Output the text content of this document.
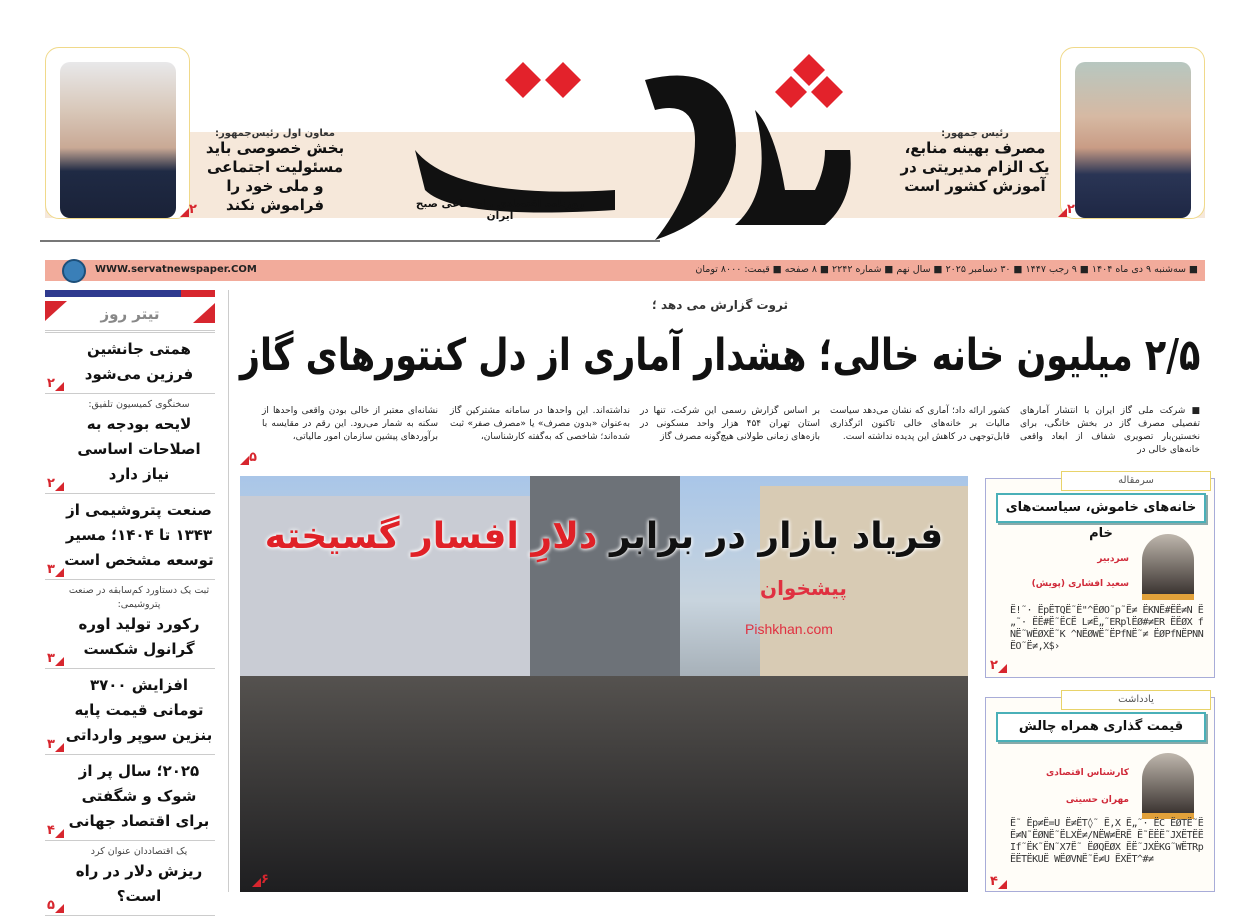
معاون اول رئیس‌جمهور:
بخش خصوصی باید مسئولیت اجتماعی و ملی خود را فراموش نکند
۲	روزنامه اقتصادی ، اجتماعی صبح ایران
رئیس جمهور:
مصرف بهینه منابع، یک الزام مدیریتی در آموزش کشور است
۲
WWW.servatnewspaper.COM	■ سه‌شنبه ۹ دی ماه ۱۴۰۴ ■ ۹ رجب ۱۴۴۷ ■ ۳۰ دسامبر ۲۰۲۵ ■ سال نهم ■ شماره ۲۲۴۲ ■ ۸ صفحه ■ قیمت: ۸۰۰۰ تومان
تیتر روز
همتی جانشین فرزین می‌شود
۲
سخنگوی کمیسیون تلفیق:
لایحه بودجه به اصلاحات اساسی نیاز دارد
۲
صنعت پتروشیمی از ۱۳۴۳ تا ۱۴۰۴؛ مسیر توسعه مشخص است
۳
ثبت یک دستاورد کم‌سابقه در صنعت پتروشیمی:
رکورد تولید اوره گرانول شکست
۳
افزایش ۳۷۰۰ تومانی قیمت پایه بنزین سوپر وارداتی
۳
۲۰۲۵؛ سال پر از شوک و شگفتی برای اقتصاد جهانی
۴
یک اقتصاددان عنوان کرد
ریزش دلار در راه است؟
۵
ثروت گزارش می دهد ؛
۲/۵ میلیون خانه خالی؛ هشدار آماری از دل کنتورهای گاز
■ شرکت ملی گاز ایران با انتشار آمارهای تفصیلی مصرف گاز در بخش خانگی، برای نخستین‌بار تصویری شفاف از ابعاد واقعی خانه‌های خالی در
کشور ارائه داد؛ آماری که نشان می‌دهد سیاست مالیات بر خانه‌های خالی تاکنون اثرگذاری قابل‌توجهی در کاهش این پدیده نداشته است.
بر اساس گزارش رسمی این شرکت، تنها در استان تهران ۴۵۴ هزار واحد مسکونی در بازه‌های زمانی طولانی هیچ‌گونه مصرف گاز
نداشته‌اند. این واحدها در سامانه مشترکین گاز به‌عنوان «بدون مصرف» یا «مصرف صفر» ثبت شده‌اند؛ شاخصی که به‌گفته کارشناسان،
نشانه‌ای معتبر از خالی بودن واقعی واحدها از سکنه به شمار می‌رود. این رقم در مقایسه با برآوردهای پیشین سازمان امور مالیاتی،
۵
فریاد بازار در برابر دلارِ افسار گسیخته
پیشخوان
Pishkhan.com
۶
سرمقاله
خانه‌های خاموش، سیاست‌های خام
سردبیر
سعید افشاری (پویش)
Ë!˜· ËpËTQË˜Ë"^ËØO˜p˜Ë≠ ËKNË#ËË≠N Ë„˜· ËË#Ë˜ËCË L≠Ë„˜ERplËØ#≠ER ËËØX fNË˜WËØXË˜K ^NËØWË˜ËPfNË˜≠ ËØPfNËPNNËO˜Ë≠,X$›
۲
یادداشت
قیمت گذاری همراه چالش
کارشناس اقتصادی
مهران حسینی
Ë˜ Ëp≠Ë=U Ë≠ËT◊˜ Ë,X Ë„˜· ËC ËØTË˜ËË≠N˜ËØNË˜ËLXË≠/NËW≠ËRË Ë˜ËËË˜JXËTËËIf˜ËK˜ËN˜X7Ë˜ ËØQËØX ËË˜JXËKG˜WËTRpËËTËKUË WËØVNË˜Ë≠U ËXËT^#≠
۴
